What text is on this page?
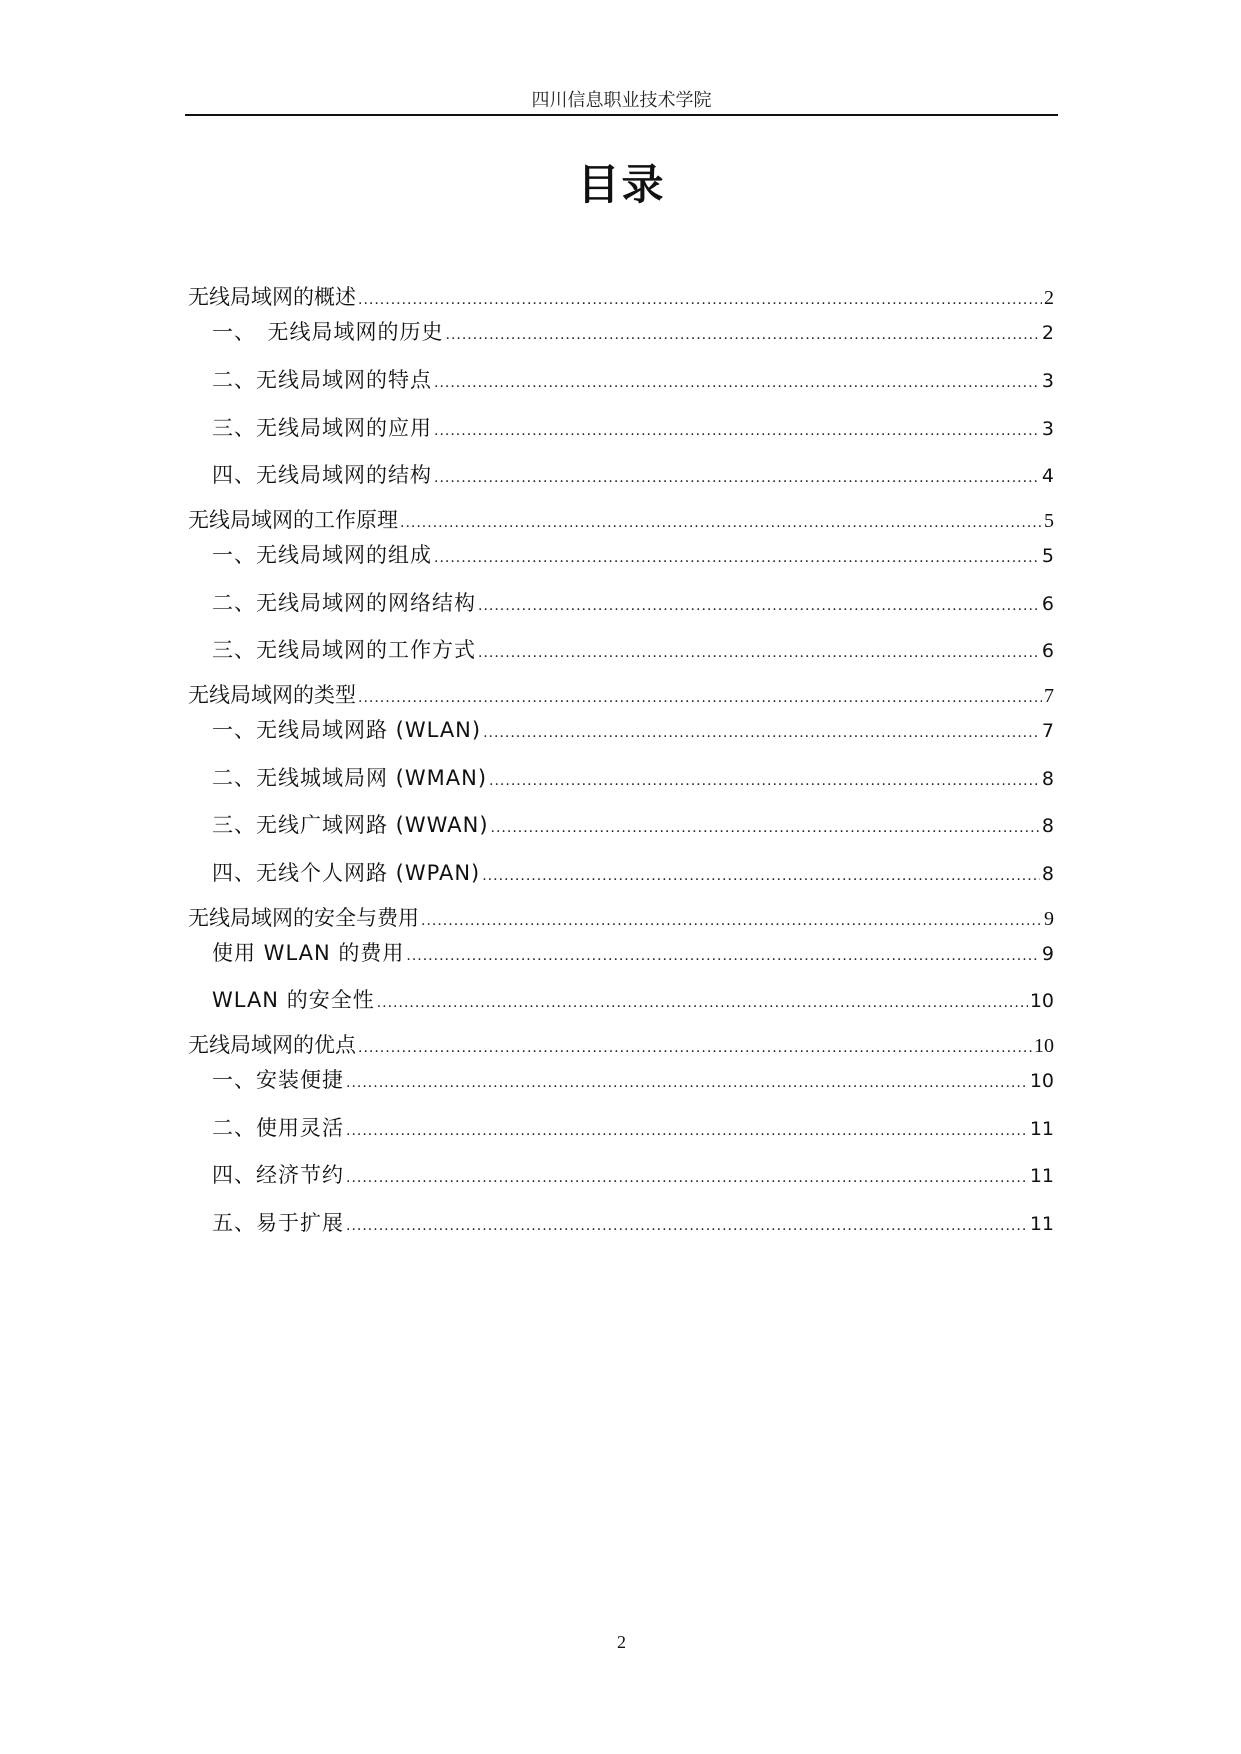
四川信息职业技术学院
目录
无线局域网的概述 .....	2
一、　无线局域网的历史 .....	2
二、无线局域网的特点 .....	3
三、无线局域网的应用 .....	3
四、无线局域网的结构 .....	4
无线局域网的工作原理 .....	5
一、无线局域网的组成 .....	5
二、无线局域网的网络结构 .....	6
三、无线局域网的工作方式 .....	6
无线局域网的类型 .....	7
一、无线局域网路 (WLAN) .....	7
二、无线城域局网 (WMAN) .....	8
三、无线广域网路 (WWAN) .....	8
四、无线个人网路 (WPAN) .....	8
无线局域网的安全与费用 .....	9
使用 WLAN 的费用 .....	9
WLAN 的安全性 .....	10
无线局域网的优点 .....	10
一、安装便捷 .....	10
二、使用灵活 .....	11
四、经济节约 .....	11
五、易于扩展 .....	11
2
